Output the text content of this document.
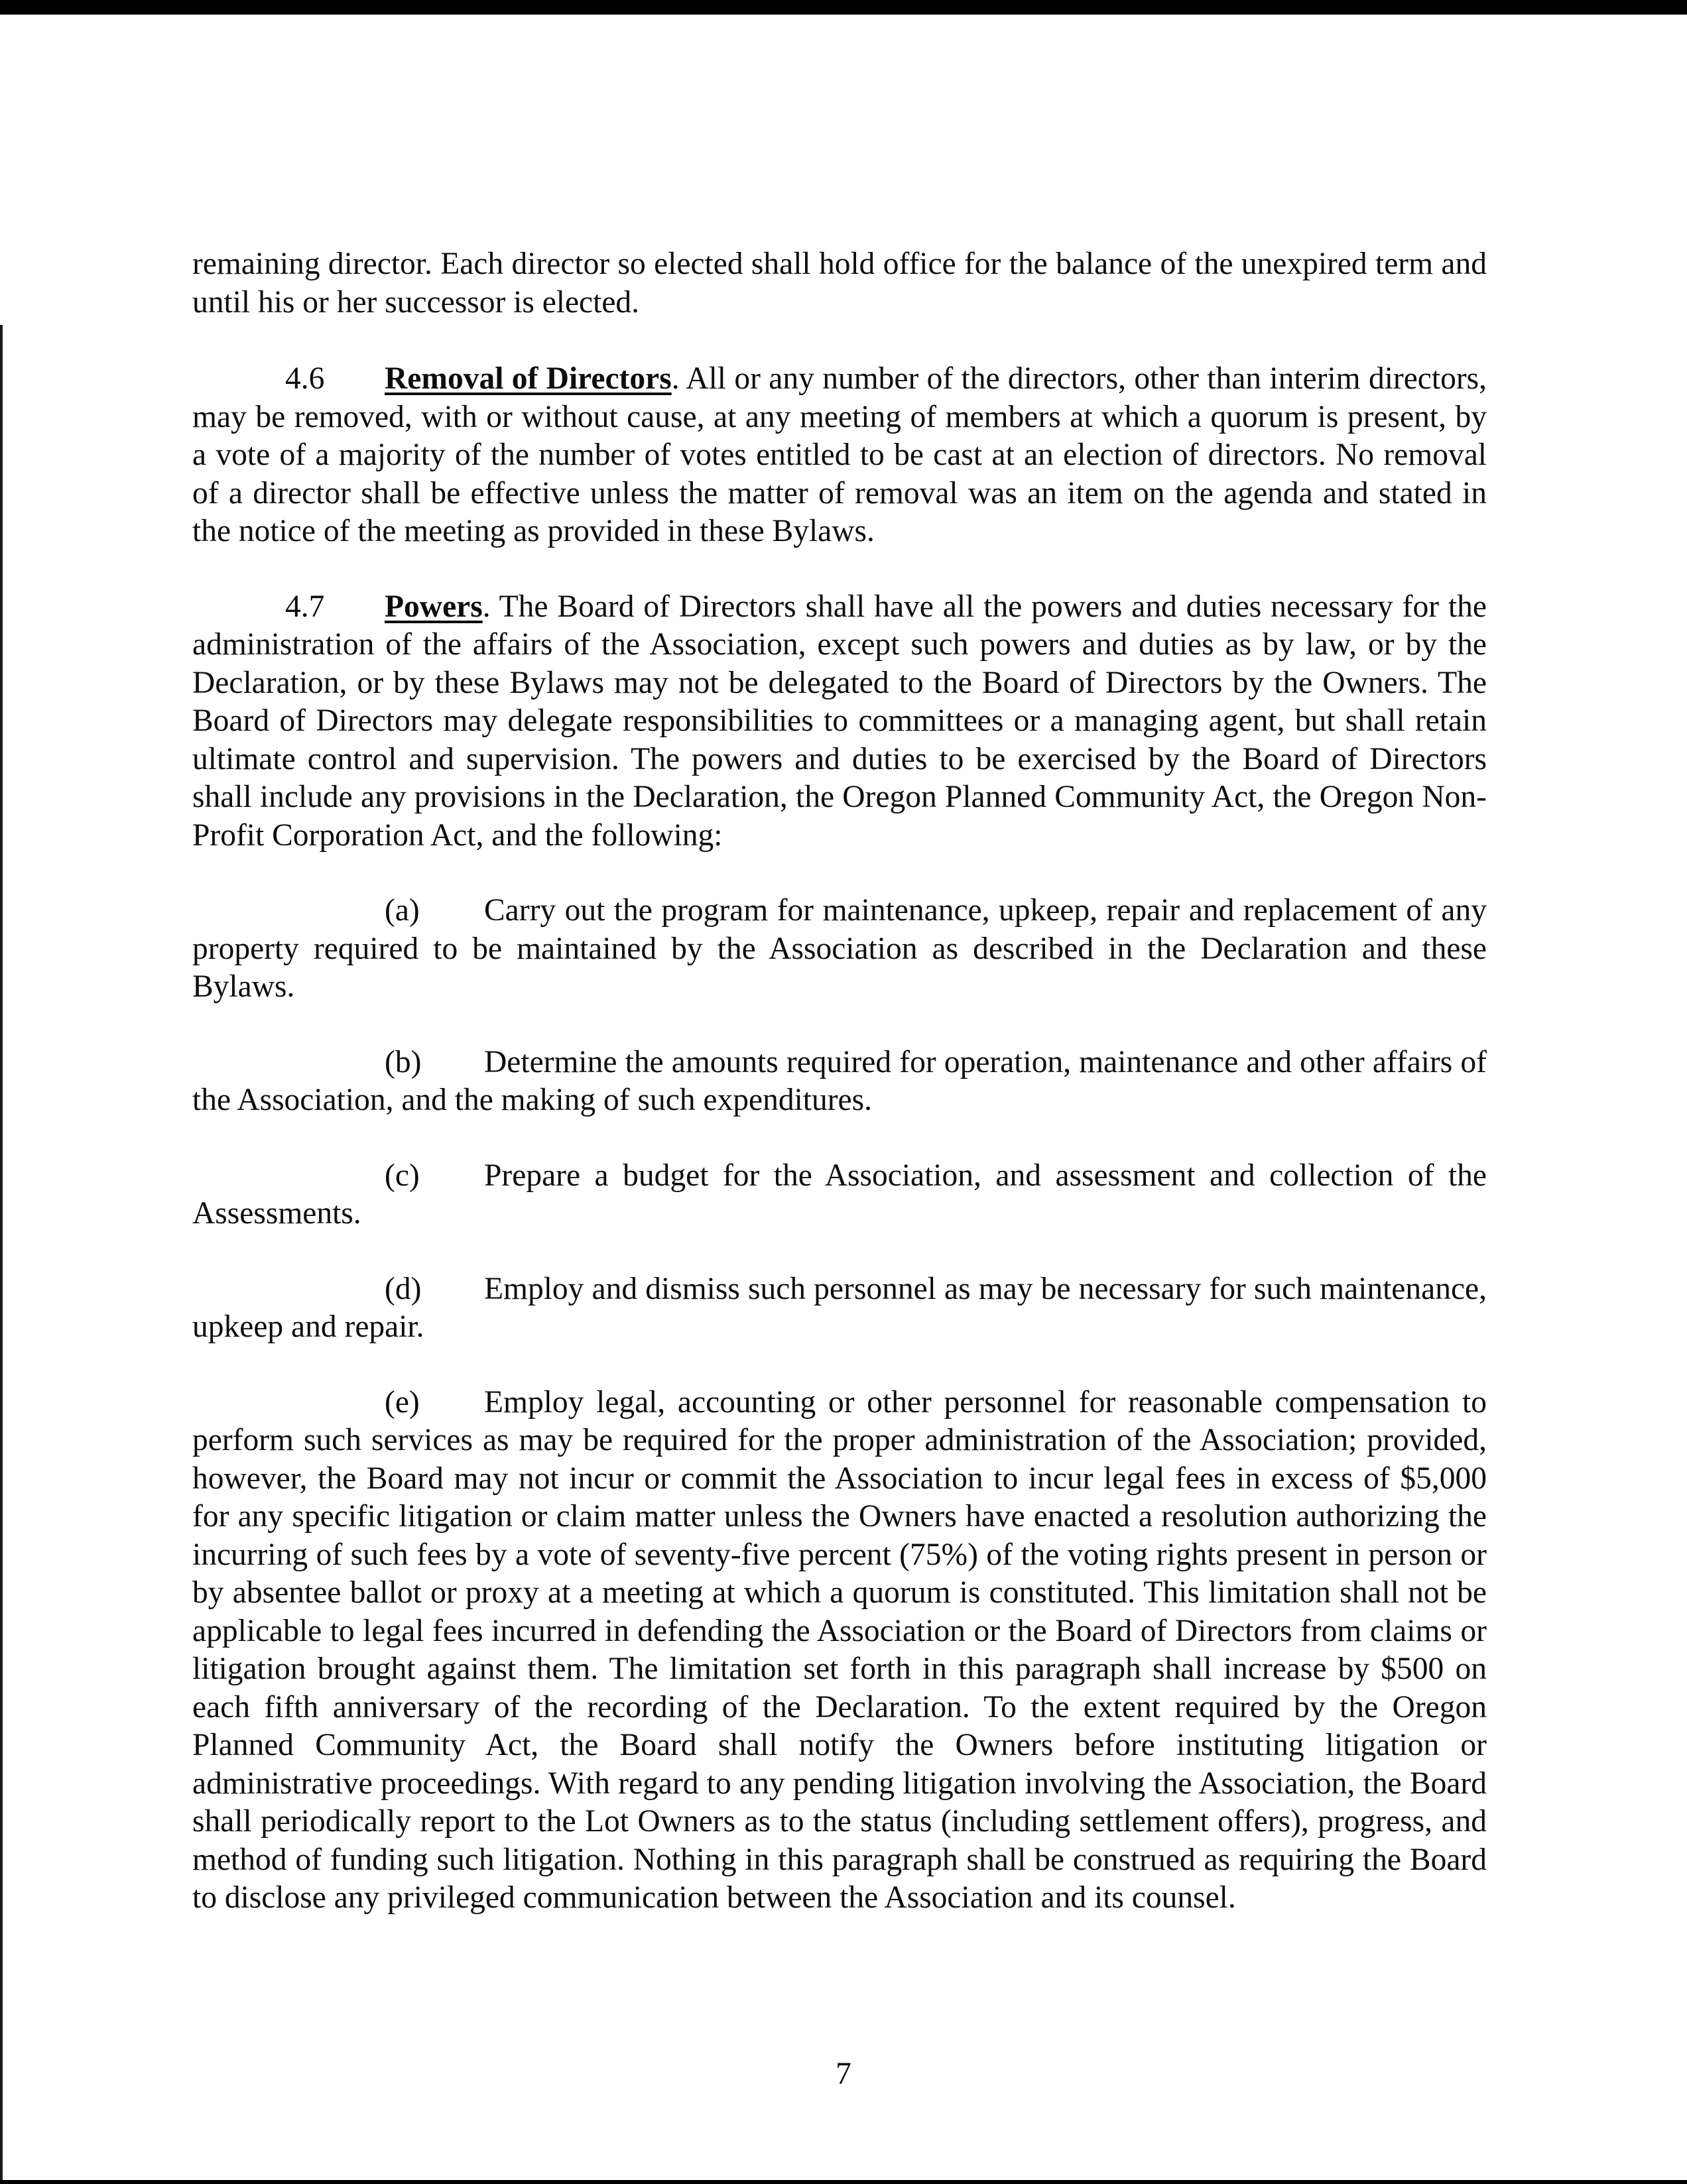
remaining director. Each director so elected shall hold office for the balance of the unexpired term and until his or her successor is elected.

4.6 Removal of Directors. All or any number of the directors, other than interim directors, may be removed, with or without cause, at any meeting of members at which a quorum is present, by a vote of a majority of the number of votes entitled to be cast at an election of directors. No removal of a director shall be effective unless the matter of removal was an item on the agenda and stated in the notice of the meeting as provided in these Bylaws.

4.7 Powers. The Board of Directors shall have all the powers and duties necessary for the administration of the affairs of the Association, except such powers and duties as by law, or by the Declaration, or by these Bylaws may not be delegated to the Board of Directors by the Owners. The Board of Directors may delegate responsibilities to committees or a managing agent, but shall retain ultimate control and supervision. The powers and duties to be exercised by the Board of Directors shall include any provisions in the Declaration, the Oregon Planned Community Act, the Oregon Non-Profit Corporation Act, and the following:

(a) Carry out the program for maintenance, upkeep, repair and replacement of any property required to be maintained by the Association as described in the Declaration and these Bylaws.

(b) Determine the amounts required for operation, maintenance and other affairs of the Association, and the making of such expenditures.

(c) Prepare a budget for the Association, and assessment and collection of the Assessments.

(d) Employ and dismiss such personnel as may be necessary for such maintenance, upkeep and repair.

(e) Employ legal, accounting or other personnel for reasonable compensation to perform such services as may be required for the proper administration of the Association; provided, however, the Board may not incur or commit the Association to incur legal fees in excess of $5,000 for any specific litigation or claim matter unless the Owners have enacted a resolution authorizing the incurring of such fees by a vote of seventy-five percent (75%) of the voting rights present in person or by absentee ballot or proxy at a meeting at which a quorum is constituted. This limitation shall not be applicable to legal fees incurred in defending the Association or the Board of Directors from claims or litigation brought against them. The limitation set forth in this paragraph shall increase by $500 on each fifth anniversary of the recording of the Declaration. To the extent required by the Oregon Planned Community Act, the Board shall notify the Owners before instituting litigation or administrative proceedings. With regard to any pending litigation involving the Association, the Board shall periodically report to the Lot Owners as to the status (including settlement offers), progress, and method of funding such litigation. Nothing in this paragraph shall be construed as requiring the Board to disclose any privileged communication between the Association and its counsel.

7
